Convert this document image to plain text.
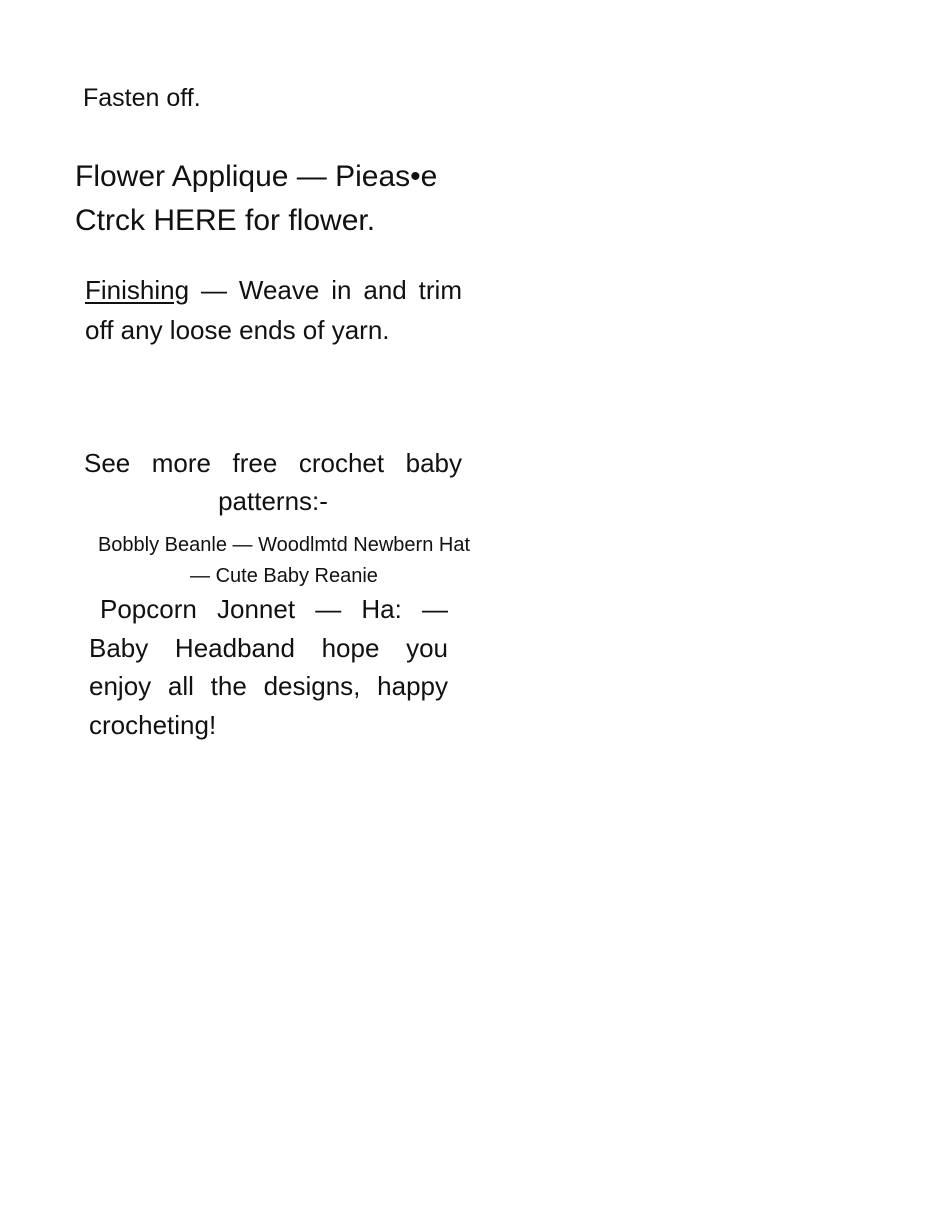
Fasten off.
Flower Applique — Pieas•e Ctrck HERE for flower.
Finishing — Weave in and trim off any loose ends of yarn.
See more free crochet baby patterns:-
Bobbly Beanle — Woodlmtd Newbern Hat
— Cute Baby Reanie
Popcorn Jonnet — Ha: — Baby Headband hope you enjoy all the designs, happy crocheting!
